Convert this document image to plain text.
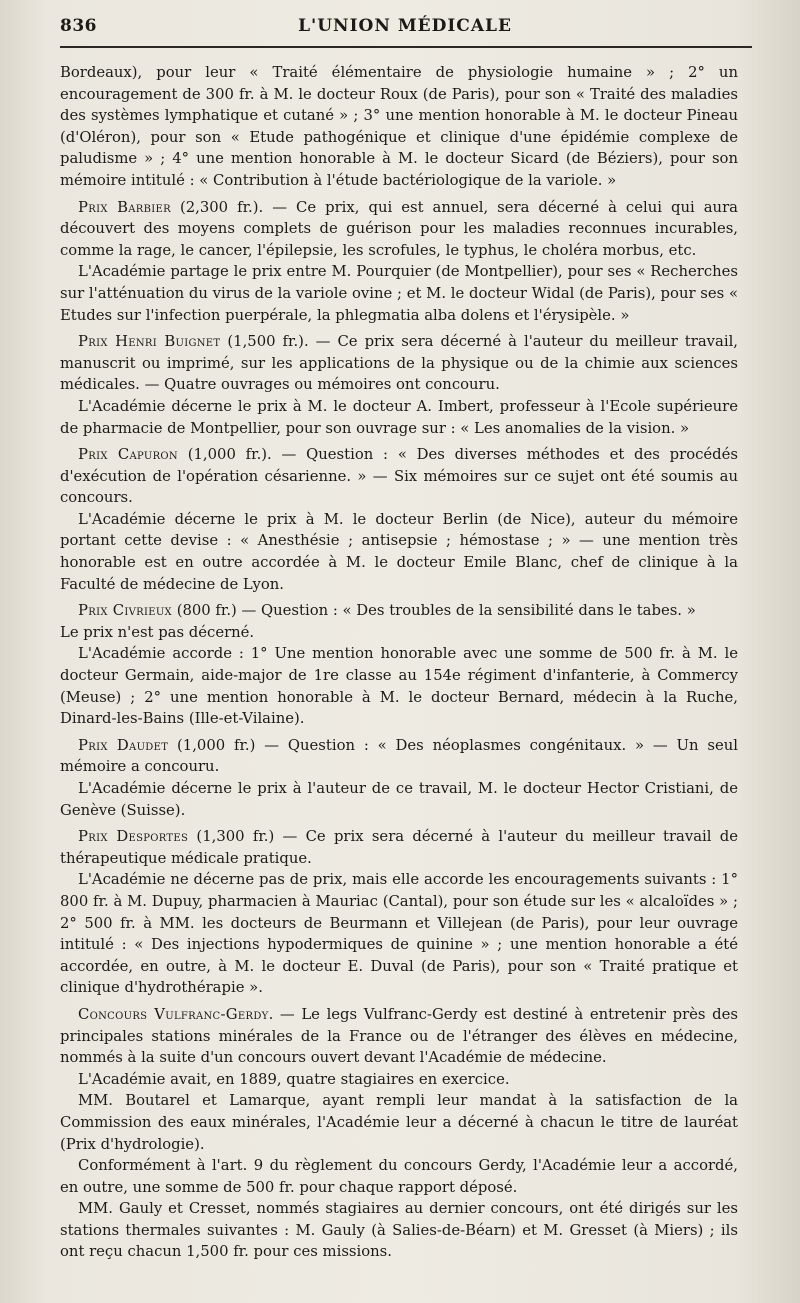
836	L'UNION MÉDICALE

Bordeaux), pour leur « Traité élémentaire de physiologie humaine » ; 2° un encouragement de 300 fr. à M. le docteur Roux (de Paris), pour son « Traité des maladies des systèmes lymphatique et cutané » ; 3° une mention honorable à M. le docteur Pineau (d'Oléron), pour son « Etude pathogénique et clinique d'une épidémie complexe de paludisme » ; 4° une mention honorable à M. le docteur Sicard (de Béziers), pour son mémoire intitulé : « Contribution à l'étude bactériologique de la variole. »

Prix Barbier (2,300 fr.). — Ce prix, qui est annuel, sera décerné à celui qui aura découvert des moyens complets de guérison pour les maladies reconnues incurables, comme la rage, le cancer, l'épilepsie, les scrofules, le typhus, le choléra morbus, etc.

L'Académie partage le prix entre M. Pourquier (de Montpellier), pour ses « Recherches sur l'atténuation du virus de la variole ovine ; et M. le docteur Widal (de Paris), pour ses « Etudes sur l'infection puerpérale, la phlegmatia alba dolens et l'érysipèle. »

Prix Henri Buignet (1,500 fr.). — Ce prix sera décerné à l'auteur du meilleur travail, manuscrit ou imprimé, sur les applications de la physique ou de la chimie aux sciences médicales. — Quatre ouvrages ou mémoires ont concouru.

L'Académie décerne le prix à M. le docteur A. Imbert, professeur à l'Ecole supérieure de pharmacie de Montpellier, pour son ouvrage sur : « Les anomalies de la vision. »

Prix Capuron (1,000 fr.). — Question : « Des diverses méthodes et des procédés d'exécution de l'opération césarienne. » — Six mémoires sur ce sujet ont été soumis au concours.

L'Académie décerne le prix à M. le docteur Berlin (de Nice), auteur du mémoire portant cette devise : « Anesthésie ; antisepsie ; hémostase ; » — une mention très honorable est en outre accordée à M. le docteur Emile Blanc, chef de clinique à la Faculté de médecine de Lyon.

Prix Civrieux (800 fr.) — Question : « Des troubles de la sensibilité dans le tabes. »

Le prix n'est pas décerné.

L'Académie accorde : 1° Une mention honorable avec une somme de 500 fr. à M. le docteur Germain, aide-major de 1re classe au 154e régiment d'infanterie, à Commercy (Meuse) ; 2° une mention honorable à M. le docteur Bernard, médecin à la Ruche, Dinard-les-Bains (Ille-et-Vilaine).

Prix Daudet (1,000 fr.) — Question : « Des néoplasmes congénitaux. » — Un seul mémoire a concouru.

L'Académie décerne le prix à l'auteur de ce travail, M. le docteur Hector Cristiani, de Genève (Suisse).

Prix Desportes (1,300 fr.) — Ce prix sera décerné à l'auteur du meilleur travail de thérapeutique médicale pratique.

L'Académie ne décerne pas de prix, mais elle accorde les encouragements suivants : 1° 800 fr. à M. Dupuy, pharmacien à Mauriac (Cantal), pour son étude sur les « alcaloïdes » ; 2° 500 fr. à MM. les docteurs de Beurmann et Villejean (de Paris), pour leur ouvrage intitulé : « Des injections hypodermiques de quinine » ; une mention honorable a été accordée, en outre, à M. le docteur E. Duval (de Paris), pour son « Traité pratique et clinique d'hydrothérapie ».

Concours Vulfranc-Gerdy. — Le legs Vulfranc-Gerdy est destiné à entretenir près des principales stations minérales de la France ou de l'étranger des élèves en médecine, nommés à la suite d'un concours ouvert devant l'Académie de médecine.

L'Académie avait, en 1889, quatre stagiaires en exercice.

MM. Boutarel et Lamarque, ayant rempli leur mandat à la satisfaction de la Commission des eaux minérales, l'Académie leur a décerné à chacun le titre de lauréat (Prix d'hydrologie).

Conformément à l'art. 9 du règlement du concours Gerdy, l'Académie leur a accordé, en outre, une somme de 500 fr. pour chaque rapport déposé.

MM. Gauly et Cresset, nommés stagiaires au dernier concours, ont été dirigés sur les stations thermales suivantes : M. Gauly (à Salies-de-Béarn) et M. Gresset (à Miers) ; ils ont reçu chacun 1,500 fr. pour ces missions.
